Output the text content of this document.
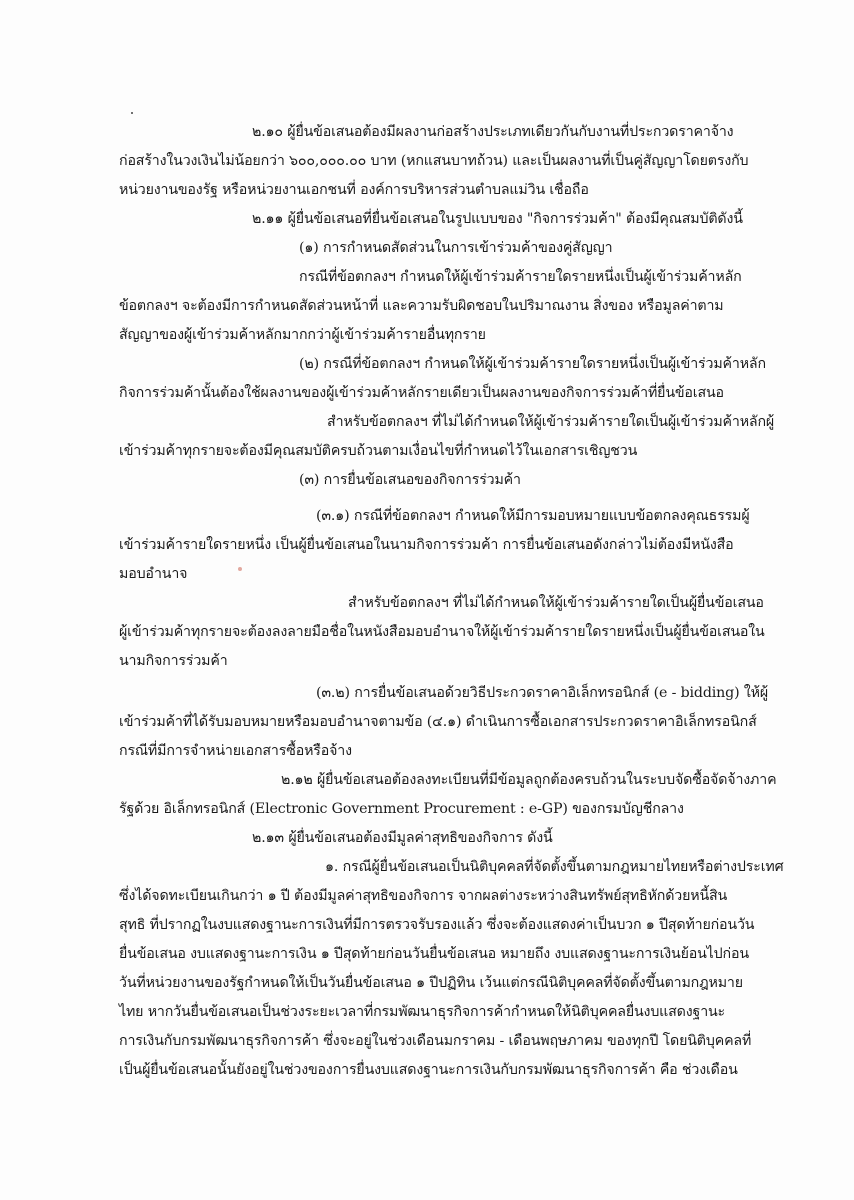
๒.๑๐ ผู้ยื่นข้อเสนอต้องมีผลงานก่อสร้างประเภทเดียวกันกับงานที่ประกวดราคาจ้าง
ก่อสร้างในวงเงินไม่น้อยกว่า ๖๐๐,๐๐๐.๐๐ บาท (หกแสนบาทถ้วน) และเป็นผลงานที่เป็นคู่สัญญาโดยตรงกับ
หน่วยงานของรัฐ หรือหน่วยงานเอกชนที่ องค์การบริหารส่วนตำบลแม่วิน เชื่อถือ
๒.๑๑ ผู้ยื่นข้อเสนอที่ยื่นข้อเสนอในรูปแบบของ "กิจการร่วมค้า" ต้องมีคุณสมบัติดังนี้
(๑) การกำหนดสัดส่วนในการเข้าร่วมค้าของคู่สัญญา
กรณีที่ข้อตกลงฯ กำหนดให้ผู้เข้าร่วมค้ารายใดรายหนึ่งเป็นผู้เข้าร่วมค้าหลัก
ข้อตกลงฯ จะต้องมีการกำหนดสัดส่วนหน้าที่ และความรับผิดชอบในปริมาณงาน สิ่งของ หรือมูลค่าตาม
สัญญาของผู้เข้าร่วมค้าหลักมากกว่าผู้เข้าร่วมค้ารายอื่นทุกราย
(๒) กรณีที่ข้อตกลงฯ กำหนดให้ผู้เข้าร่วมค้ารายใดรายหนึ่งเป็นผู้เข้าร่วมค้าหลัก
กิจการร่วมค้านั้นต้องใช้ผลงานของผู้เข้าร่วมค้าหลักรายเดียวเป็นผลงานของกิจการร่วมค้าที่ยื่นข้อเสนอ
สำหรับข้อตกลงฯ ที่ไม่ได้กำหนดให้ผู้เข้าร่วมค้ารายใดเป็นผู้เข้าร่วมค้าหลักผู้
เข้าร่วมค้าทุกรายจะต้องมีคุณสมบัติครบถ้วนตามเงื่อนไขที่กำหนดไว้ในเอกสารเชิญชวน
(๓) การยื่นข้อเสนอของกิจการร่วมค้า
(๓.๑) กรณีที่ข้อตกลงฯ กำหนดให้มีการมอบหมายแบบข้อตกลงคุณธรรมผู้
เข้าร่วมค้ารายใดรายหนึ่ง เป็นผู้ยื่นข้อเสนอในนามกิจการร่วมค้า การยื่นข้อเสนอดังกล่าวไม่ต้องมีหนังสือ
มอบอำนาจ
สำหรับข้อตกลงฯ ที่ไม่ได้กำหนดให้ผู้เข้าร่วมค้ารายใดเป็นผู้ยื่นข้อเสนอ
ผู้เข้าร่วมค้าทุกรายจะต้องลงลายมือชื่อในหนังสือมอบอำนาจให้ผู้เข้าร่วมค้ารายใดรายหนึ่งเป็นผู้ยื่นข้อเสนอใน
นามกิจการร่วมค้า
(๓.๒) การยื่นข้อเสนอด้วยวิธีประกวดราคาอิเล็กทรอนิกส์ (e - bidding) ให้ผู้
เข้าร่วมค้าที่ได้รับมอบหมายหรือมอบอำนาจตามข้อ (๔.๑) ดำเนินการซื้อเอกสารประกวดราคาอิเล็กทรอนิกส์
กรณีที่มีการจำหน่ายเอกสารซื้อหรือจ้าง
๒.๑๒ ผู้ยื่นข้อเสนอต้องลงทะเบียนที่มีข้อมูลถูกต้องครบถ้วนในระบบจัดซื้อจัดจ้างภาค
รัฐด้วย อิเล็กทรอนิกส์ (Electronic Government Procurement : e-GP) ของกรมบัญชีกลาง
๒.๑๓ ผู้ยื่นข้อเสนอต้องมีมูลค่าสุทธิของกิจการ ดังนี้
๑. กรณีผู้ยื่นข้อเสนอเป็นนิติบุคคลที่จัดตั้งขึ้นตามกฎหมายไทยหรือต่างประเทศ
ซึ่งได้จดทะเบียนเกินกว่า ๑ ปี ต้องมีมูลค่าสุทธิของกิจการ จากผลต่างระหว่างสินทรัพย์สุทธิหักด้วยหนี้สิน
สุทธิ ที่ปรากฏในงบแสดงฐานะการเงินที่มีการตรวจรับรองแล้ว ซึ่งจะต้องแสดงค่าเป็นบวก ๑ ปีสุดท้ายก่อนวัน
ยื่นข้อเสนอ งบแสดงฐานะการเงิน ๑ ปีสุดท้ายก่อนวันยื่นข้อเสนอ หมายถึง งบแสดงฐานะการเงินย้อนไปก่อน
วันที่หน่วยงานของรัฐกำหนดให้เป็นวันยื่นข้อเสนอ ๑ ปีปฏิทิน เว้นแต่กรณีนิติบุคคลที่จัดตั้งขึ้นตามกฎหมาย
ไทย หากวันยื่นข้อเสนอเป็นช่วงระยะเวลาที่กรมพัฒนาธุรกิจการค้ากำหนดให้นิติบุคคลยื่นงบแสดงฐานะ
การเงินกับกรมพัฒนาธุรกิจการค้า ซึ่งจะอยู่ในช่วงเดือนมกราคม - เดือนพฤษภาคม ของทุกปี โดยนิติบุคคลที่
เป็นผู้ยื่นข้อเสนอนั้นยังอยู่ในช่วงของการยื่นงบแสดงฐานะการเงินกับกรมพัฒนาธุรกิจการค้า คือ ช่วงเดือน
